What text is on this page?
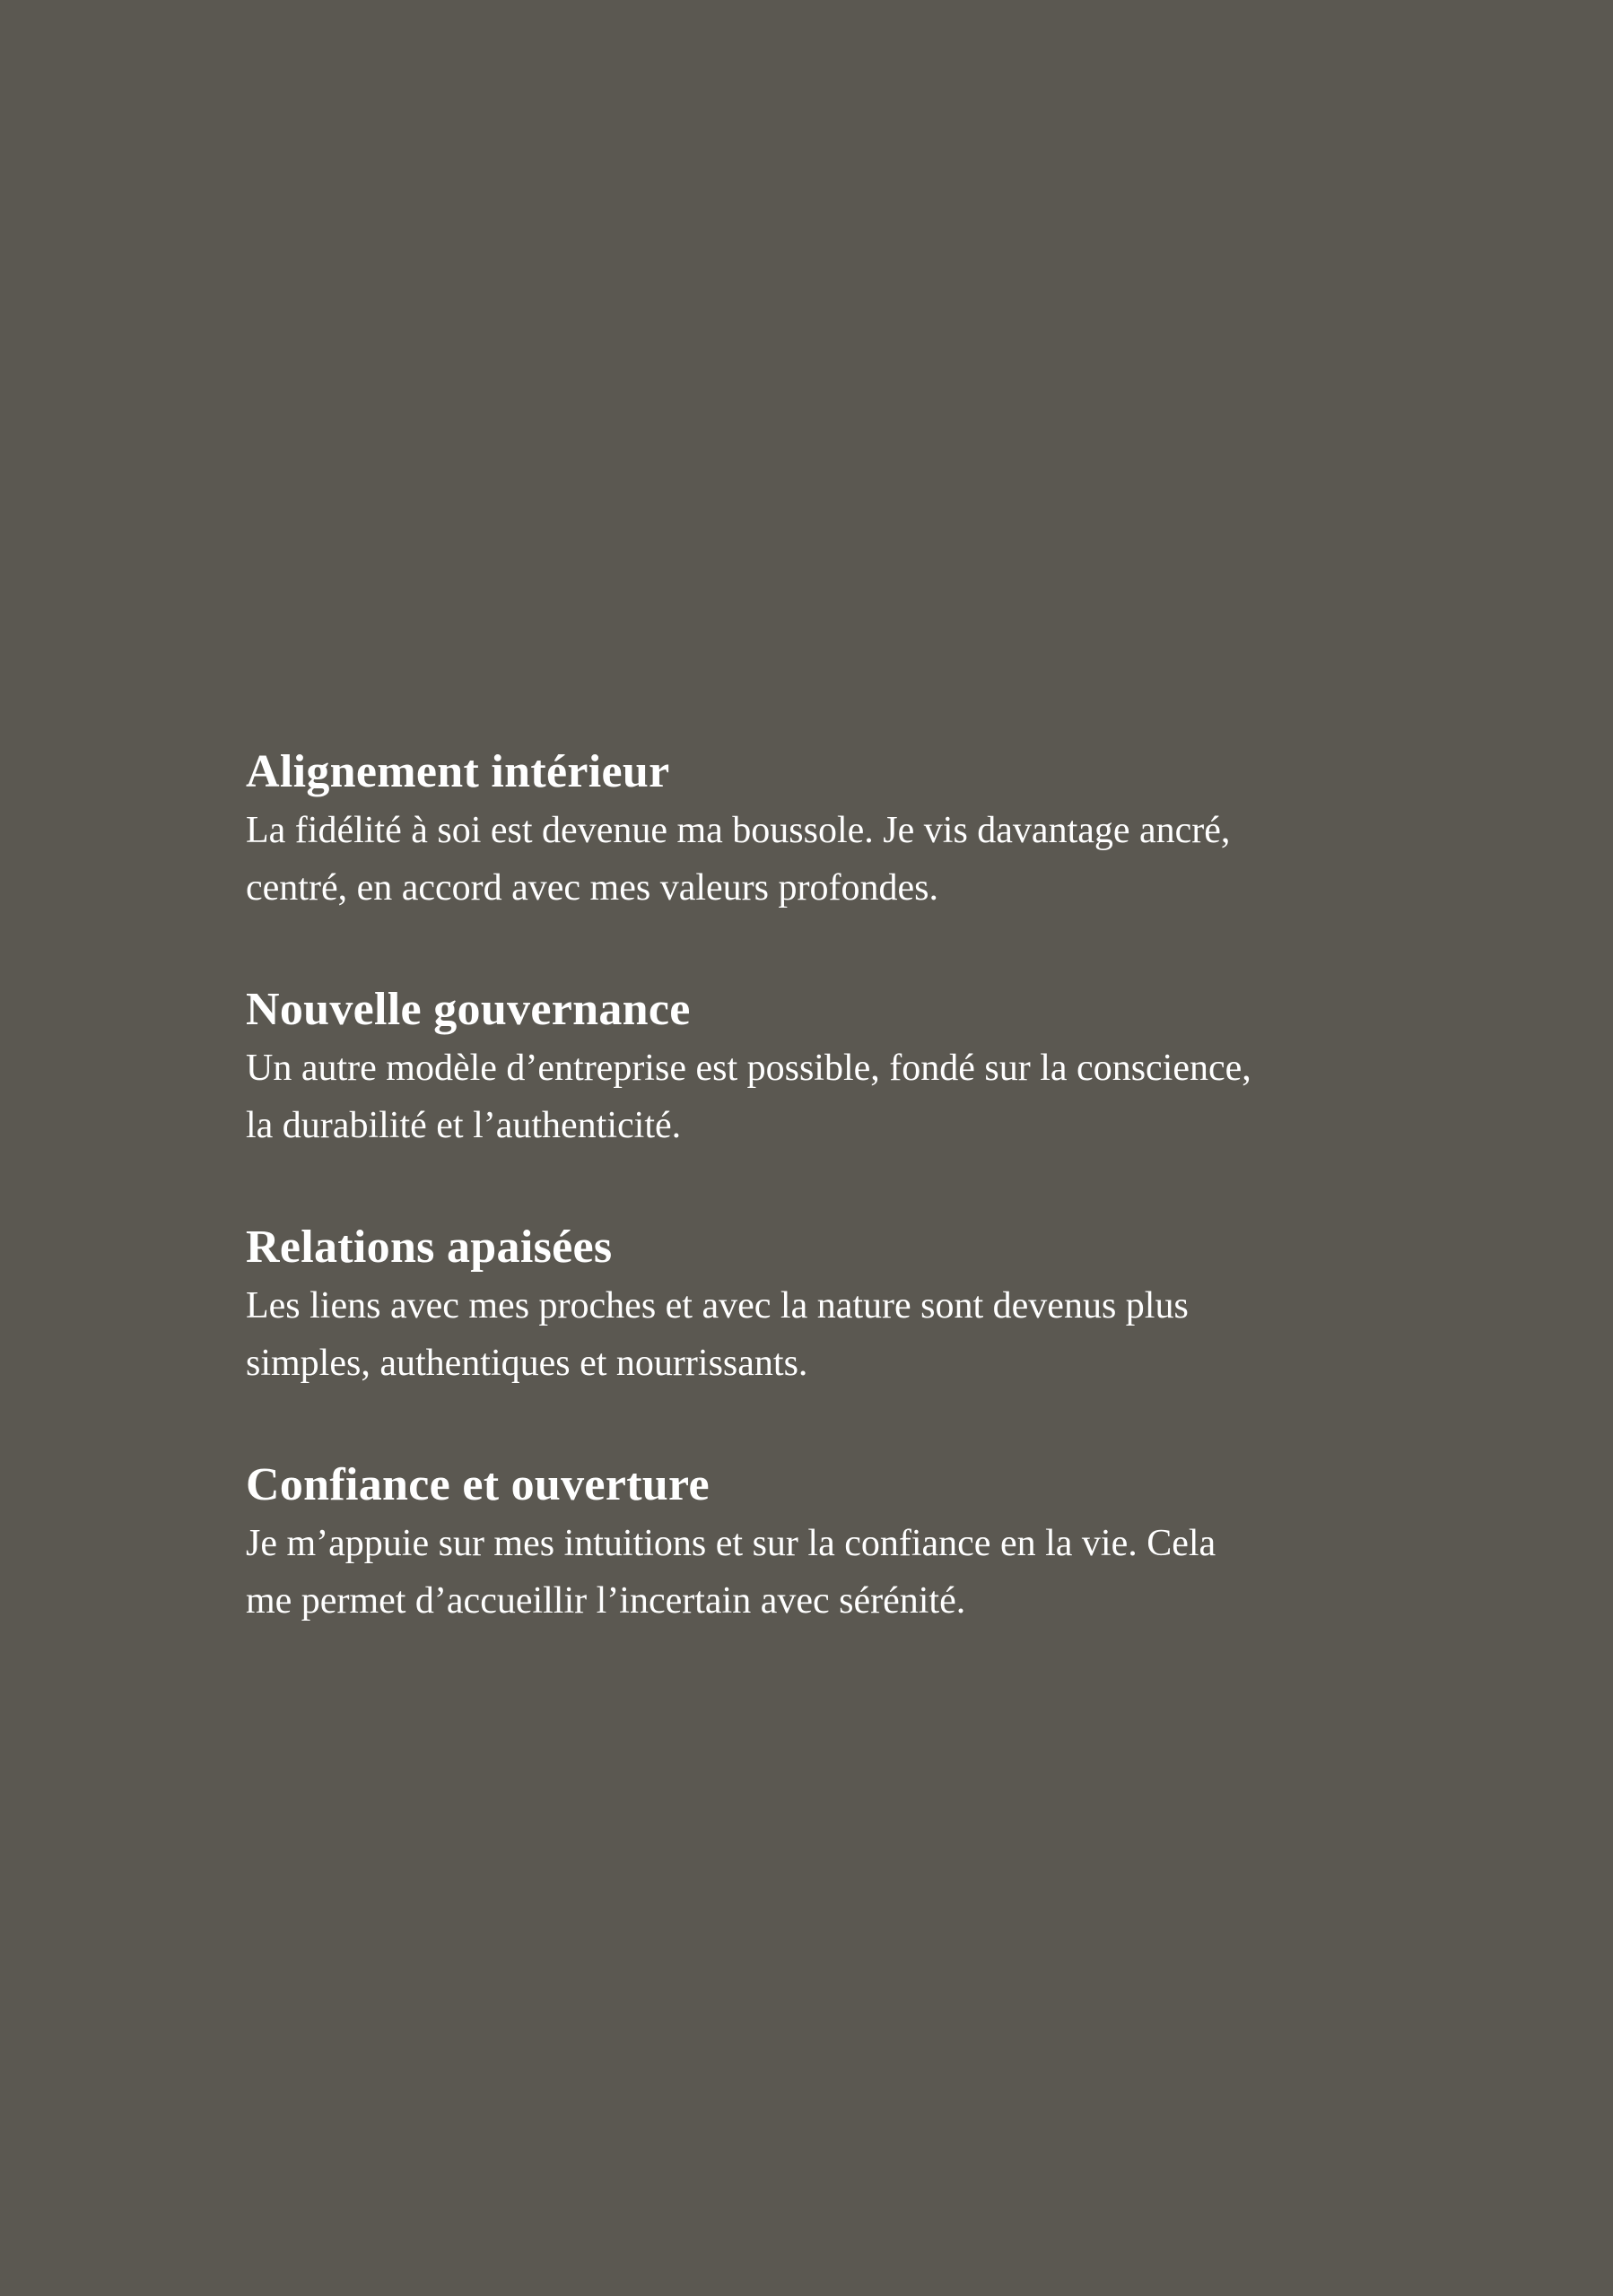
Alignement intérieur

La fidélité à soi est devenue ma boussole. Je vis davantage ancré,
centré, en accord avec mes valeurs profondes.

Nouvelle gouvernance

Un autre modèle d’entreprise est possible, fondé sur la conscience,
la durabilité et l’authenticité.

Relations apaisées

Les liens avec mes proches et avec la nature sont devenus plus
simples, authentiques et nourrissants.

Confiance et ouverture

Je m’appuie sur mes intuitions et sur la confiance en la vie. Cela
me permet d’accueillir l’incertain avec sérénité.
